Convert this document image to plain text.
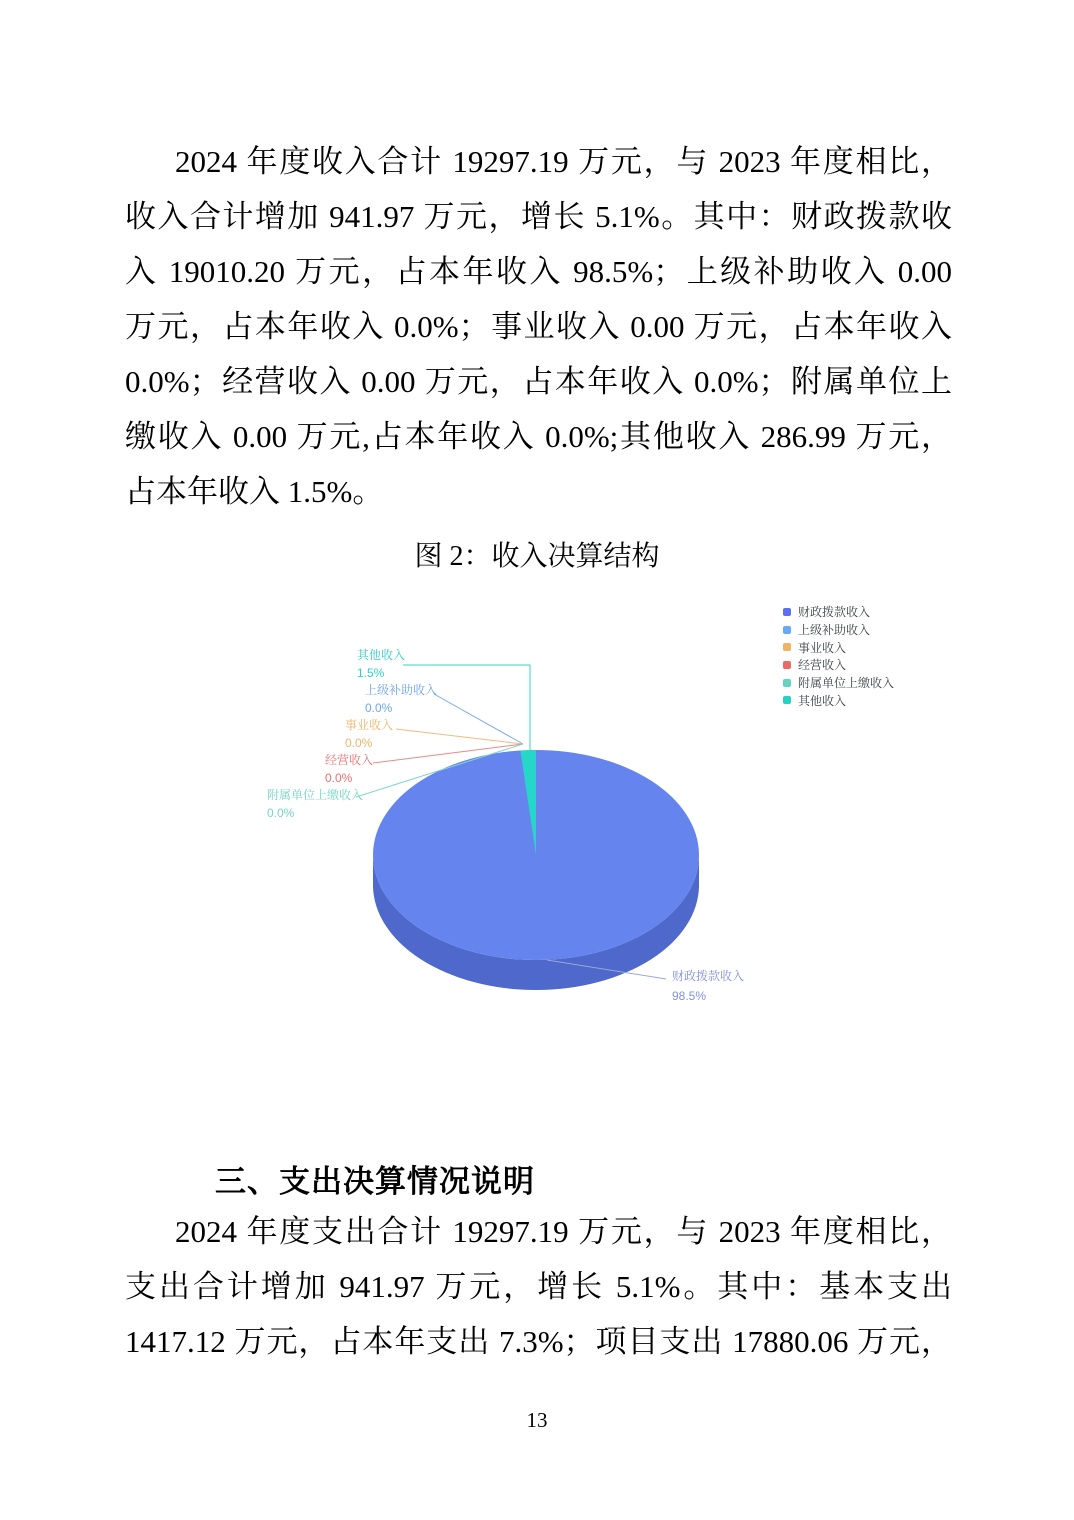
2024 年度收入合计 19297.19 万元，与 2023 年度相比，
收入合计增加 941.97 万元，增长 5.1%。其中：财政拨款收
入 19010.20 万元，占本年收入 98.5%；上级补助收入 0.00
万元，占本年收入 0.0%；事业收入 0.00 万元，占本年收入
0.0%；经营收入 0.00 万元，占本年收入 0.0%；附属单位上
缴收入 0.00 万元,占本年收入 0.0%;其他收入 286.99 万元，
占本年收入 1.5%。
图 2：收入决算结构
其他收入
1.5%
上级补助收入
0.0%
事业收入
0.0%
经营收入
0.0%
附属单位上缴收入
0.0%
财政拨款收入
98.5%
财政拨款收入
上级补助收入
事业收入
经营收入
附属单位上缴收入
其他收入
三、支出决算情况说明
2024 年度支出合计 19297.19 万元，与 2023 年度相比，
支出合计增加 941.97 万元，增长 5.1%。其中：基本支出
1417.12 万元，占本年支出 7.3%；项目支出 17880.06 万元，
13
